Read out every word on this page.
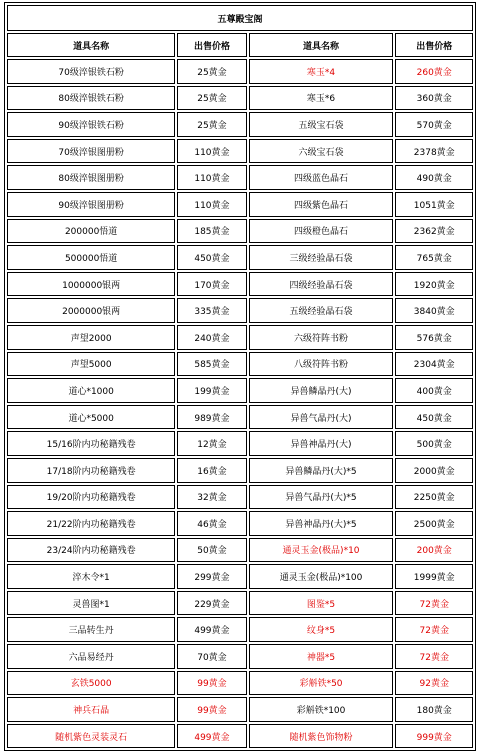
五尊殿宝阁			
道具名称	出售价格	道具名称	出售价格
70级淬银铁石粉	25黄金	寒玉*4	260黄金
80级淬银铁石粉	25黄金	寒玉*6	360黄金
90级淬银铁石粉	25黄金	五级宝石袋	570黄金
70级淬银图册粉	110黄金	六级宝石袋	2378黄金
80级淬银图册粉	110黄金	四级蓝色晶石	490黄金
90级淬银图册粉	110黄金	四级紫色晶石	1051黄金
200000悟道	185黄金	四级橙色晶石	2362黄金
500000悟道	450黄金	三级经验晶石袋	765黄金
1000000银两	170黄金	四级经验晶石袋	1920黄金
2000000银两	335黄金	五级经验晶石袋	3840黄金
声望2000	240黄金	六级符阵书粉	576黄金
声望5000	585黄金	八级符阵书粉	2304黄金
道心*1000	199黄金	异兽鳞晶丹(大)	400黄金
道心*5000	989黄金	异兽气晶丹(大)	450黄金
15/16阶内功秘籍残卷	12黄金	异兽神晶丹(大)	500黄金
17/18阶内功秘籍残卷	16黄金	异兽鳞晶丹(大)*5	2000黄金
19/20阶内功秘籍残卷	32黄金	异兽气晶丹(大)*5	2250黄金
21/22阶内功秘籍残卷	46黄金	异兽神晶丹(大)*5	2500黄金
23/24阶内功秘籍残卷	50黄金	通灵玉金(极品)*10	200黄金
淬木令*1	299黄金	通灵玉金(极品)*100	1999黄金
灵兽图*1	229黄金	图鉴*5	72黄金
三品转生丹	499黄金	纹身*5	72黄金
六品易经丹	70黄金	神器*5	72黄金
玄铁5000	99黄金	彩斛铁*50	92黄金
神兵石晶	99黄金	彩斛铁*100	180黄金
随机紫色灵装灵石	499黄金	随机紫色饰物粉	999黄金
